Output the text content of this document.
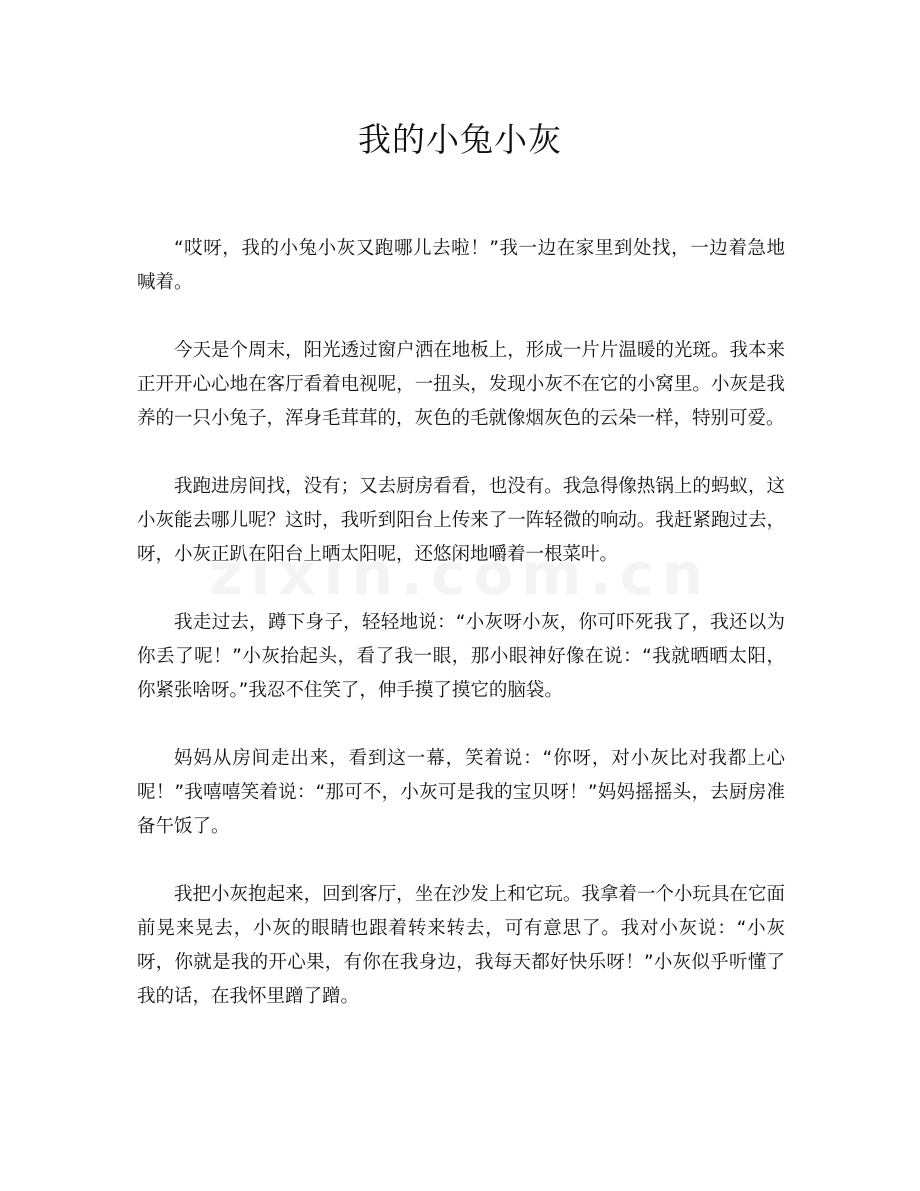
我的小兔小灰

“哎呀，我的小兔小灰又跑哪儿去啦！”我一边在家里到处找，一边着急地喊着。

今天是个周末，阳光透过窗户洒在地板上，形成一片片温暖的光斑。我本来正开开心心地在客厅看着电视呢，一扭头，发现小灰不在它的小窝里。小灰是我养的一只小兔子，浑身毛茸茸的，灰色的毛就像烟灰色的云朵一样，特别可爱。

我跑进房间找，没有；又去厨房看看，也没有。我急得像热锅上的蚂蚁，这小灰能去哪儿呢？这时，我听到阳台上传来了一阵轻微的响动。我赶紧跑过去，呀，小灰正趴在阳台上晒太阳呢，还悠闲地嚼着一根菜叶。

我走过去，蹲下身子，轻轻地说：“小灰呀小灰，你可吓死我了，我还以为你丢了呢！”小灰抬起头，看了我一眼，那小眼神好像在说：“我就晒晒太阳，你紧张啥呀。”我忍不住笑了，伸手摸了摸它的脑袋。

妈妈从房间走出来，看到这一幕，笑着说：“你呀，对小灰比对我都上心呢！”我嘻嘻笑着说：“那可不，小灰可是我的宝贝呀！”妈妈摇摇头，去厨房准备午饭了。

我把小灰抱起来，回到客厅，坐在沙发上和它玩。我拿着一个小玩具在它面前晃来晃去，小灰的眼睛也跟着转来转去，可有意思了。我对小灰说：“小灰呀，你就是我的开心果，有你在我身边，我每天都好快乐呀！”小灰似乎听懂了我的话，在我怀里蹭了蹭。
